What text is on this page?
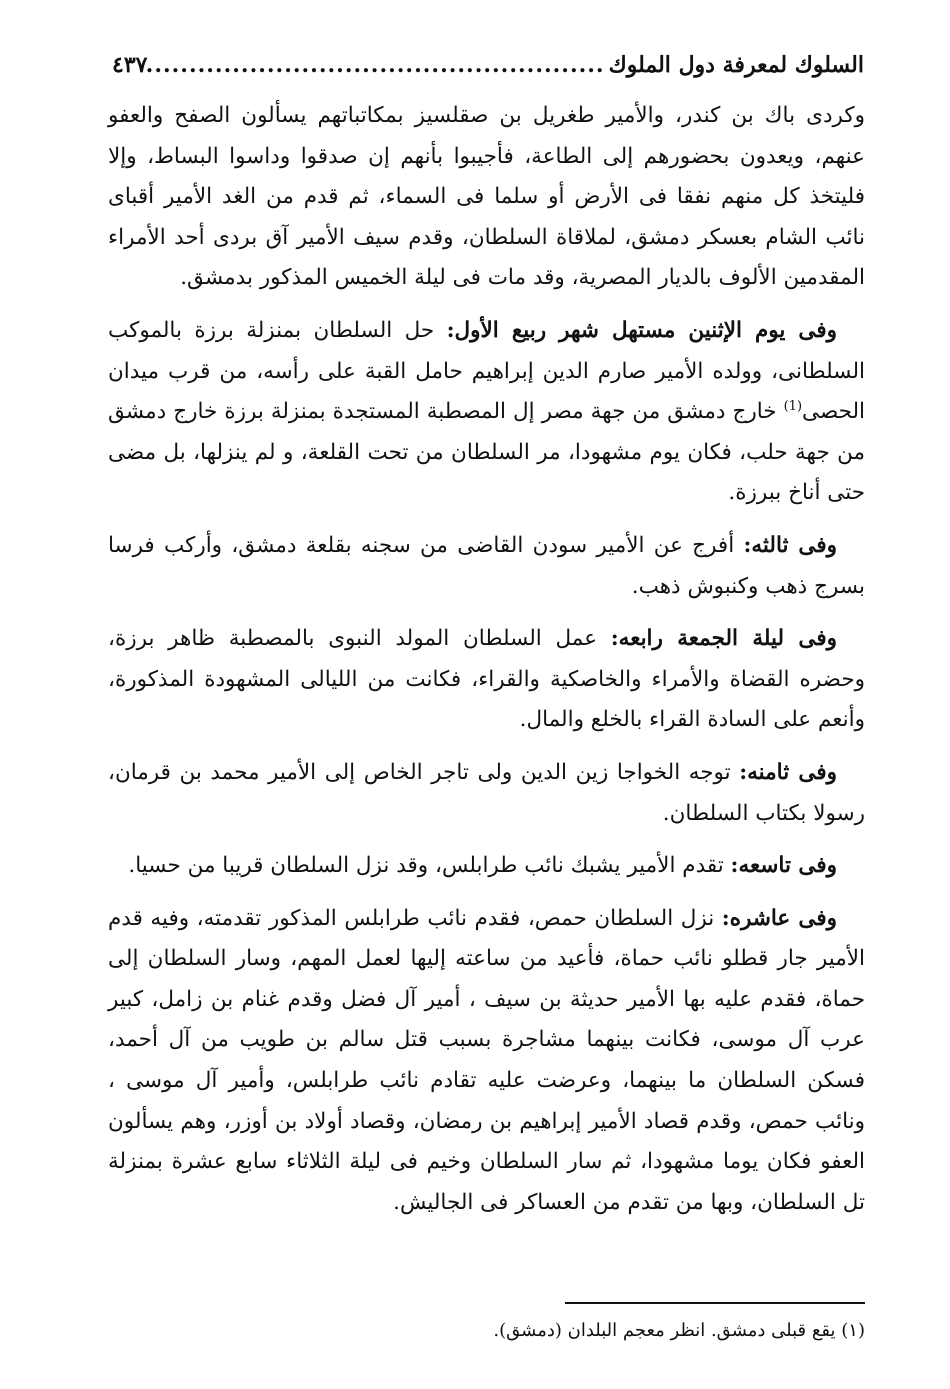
السلوك لمعرفة دول الملوك
.....
٤٣٧

وكردى باك بن كندر، والأمير طغريل بن صقلسيز بمكاتباتهم يسألون الصفح والعفو عنهم، ويعدون بحضورهم إلى الطاعة، فأجيبوا بأنهم إن صدقوا وداسوا البساط، وإلا فليتخذ كل منهم نفقا فى الأرض أو سلما فى السماء، ثم قدم من الغد الأمير أقباى نائب الشام بعسكر دمشق، لملاقاة السلطان، وقدم سيف الأمير آق بردى أحد الأمراء المقدمين الألوف بالديار المصرية، وقد مات فى ليلة الخميس المذكور بدمشق.

وفى يوم الإثنين مستهل شهر ربيع الأول: حل السلطان بمنزلة برزة بالموكب السلطانى، وولده الأمير صارم الدين إبراهيم حامل القبة على رأسه، من قرب ميدان الحصى$^{(1)}$ خارج دمشق من جهة مصر إل المصطبة المستجدة بمنزلة برزة خارج دمشق من جهة حلب، فكان يوم مشهودا، مر السلطان من تحت القلعة، و لم ينزلها، بل مضى حتى أناخ ببرزة.

وفى ثالثه: أفرج عن الأمير سودن القاضى من سجنه بقلعة دمشق، وأركب فرسا بسرج ذهب وكنبوش ذهب.

وفى ليلة الجمعة رابعه: عمل السلطان المولد النبوى بالمصطبة ظاهر برزة، وحضره القضاة والأمراء والخاصكية والقراء، فكانت من الليالى المشهودة المذكورة، وأنعم على السادة القراء بالخلع والمال.

وفى ثامنه: توجه الخواجا زين الدين ولى تاجر الخاص إلى الأمير محمد بن قرمان، رسولا بكتاب السلطان.

وفى تاسعه: تقدم الأمير يشبك نائب طرابلس، وقد نزل السلطان قريبا من حسيا.

وفى عاشره: نزل السلطان حمص، فقدم نائب طرابلس المذكور تقدمته، وفيه قدم الأمير جار قطلو نائب حماة، فأعيد من ساعته إليها لعمل المهم، وسار السلطان إلى حماة، فقدم عليه بها الأمير حديثة بن سيف ، أمير آل فضل وقدم غنام بن زامل، كبير عرب آل موسى، فكانت بينهما مشاجرة بسبب قتل سالم بن طويب من آل أحمد، فسكن السلطان ما بينهما، وعرضت عليه تقادم نائب طرابلس، وأمير آل موسى ، ونائب حمص، وقدم قصاد الأمير إبراهيم بن رمضان، وقصاد أولاد بن أوزر، وهم يسألون العفو فكان يوما مشهودا، ثم سار السلطان وخيم فى ليلة الثلاثاء سابع عشرة بمنزلة تل السلطان، وبها من تقدم من العساكر فى الجاليش.

(١) يقع قبلى دمشق. انظر معجم البلدان (دمشق).
